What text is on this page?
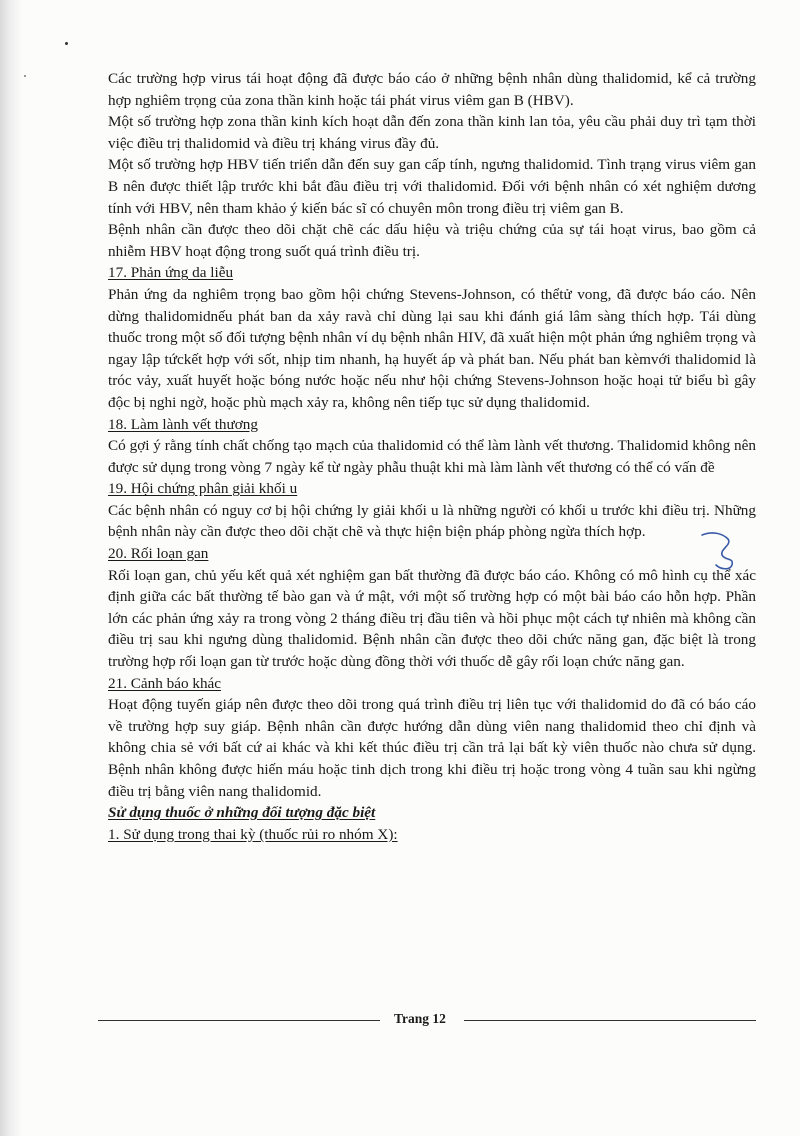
Các trường hợp virus tái hoạt động đã được báo cáo ở những bệnh nhân dùng thalidomid, kể cả trường hợp nghiêm trọng của zona thần kinh hoặc tái phát virus viêm gan B (HBV).

Một số trường hợp zona thần kinh kích hoạt dẫn đến zona thần kinh lan tỏa, yêu cầu phải duy trì tạm thời việc điều trị thalidomid và điều trị kháng virus đầy đủ.

Một số trường hợp HBV tiến triển dẫn đến suy gan cấp tính, ngưng thalidomid. Tình trạng virus viêm gan B nên được thiết lập trước khi bắt đầu điều trị với thalidomid. Đối với bệnh nhân có xét nghiệm dương tính với HBV, nên tham khảo ý kiến bác sĩ có chuyên môn trong điều trị viêm gan B.

Bệnh nhân cần được theo dõi chặt chẽ các dấu hiệu và triệu chứng của sự tái hoạt virus, bao gồm cả nhiễm HBV hoạt động trong suốt quá trình điều trị.

17. Phản ứng da liễu

Phản ứng da nghiêm trọng bao gồm hội chứng Stevens-Johnson, có thểtử vong, đã được báo cáo. Nên dừng thalidomidnếu phát ban da xảy ravà chỉ dùng lại sau khi đánh giá lâm sàng thích hợp. Tái dùng thuốc trong một số đối tượng bệnh nhân ví dụ bệnh nhân HIV, đã xuất hiện một phản ứng nghiêm trọng và ngay lập tứckết hợp với sốt, nhịp tim nhanh, hạ huyết áp và phát ban. Nếu phát ban kèmvới thalidomid là tróc vảy, xuất huyết hoặc bóng nước hoặc nếu như hội chứng Stevens-Johnson hoặc hoại tử biểu bì gây độc bị nghi ngờ, hoặc phù mạch xảy ra, không nên tiếp tục sử dụng thalidomid.

18. Làm lành vết thương

Có gợi ý rằng tính chất chống tạo mạch của thalidomid có thể làm lành vết thương. Thalidomid không nên được sử dụng trong vòng 7 ngày kể từ ngày phẫu thuật khi mà làm lành vết thương có thể có vấn đề

19. Hội chứng phân giải khối u

Các bệnh nhân có nguy cơ bị hội chứng ly giải khối u là những người có khối u trước khi điều trị. Những bệnh nhân này cần được theo dõi chặt chẽ và thực hiện biện pháp phòng ngừa thích hợp.

20. Rối loạn gan

Rối loạn gan, chủ yếu kết quả xét nghiệm gan bất thường đã được báo cáo. Không có mô hình cụ thể xác định giữa các bất thường tế bào gan và ứ mật, với một số trường hợp có một bài báo cáo hỗn hợp. Phần lớn các phản ứng xảy ra trong vòng 2 tháng điều trị đầu tiên và hồi phục một cách tự nhiên mà không cần điều trị sau khi ngưng dùng thalidomid. Bệnh nhân cần được theo dõi chức năng gan, đặc biệt là trong trường hợp rối loạn gan từ trước hoặc dùng đồng thời với thuốc dễ gây rối loạn chức năng gan.

21. Cảnh báo khác

Hoạt động tuyến giáp nên được theo dõi trong quá trình điều trị liên tục với thalidomid do đã có báo cáo về trường hợp suy giáp. Bệnh nhân cần được hướng dẫn dùng viên nang thalidomid theo chỉ định và không chia sẻ với bất cứ ai khác và khi kết thúc điều trị cần trả lại bất kỳ viên thuốc nào chưa sử dụng. Bệnh nhân không được hiến máu hoặc tinh dịch trong khi điều trị hoặc trong vòng 4 tuần sau khi ngừng điều trị bằng viên nang thalidomid.

Sử dụng thuốc ở những đối tượng đặc biệt
1. Sử dụng trong thai kỳ (thuốc rủi ro nhóm X):
Trang 12
